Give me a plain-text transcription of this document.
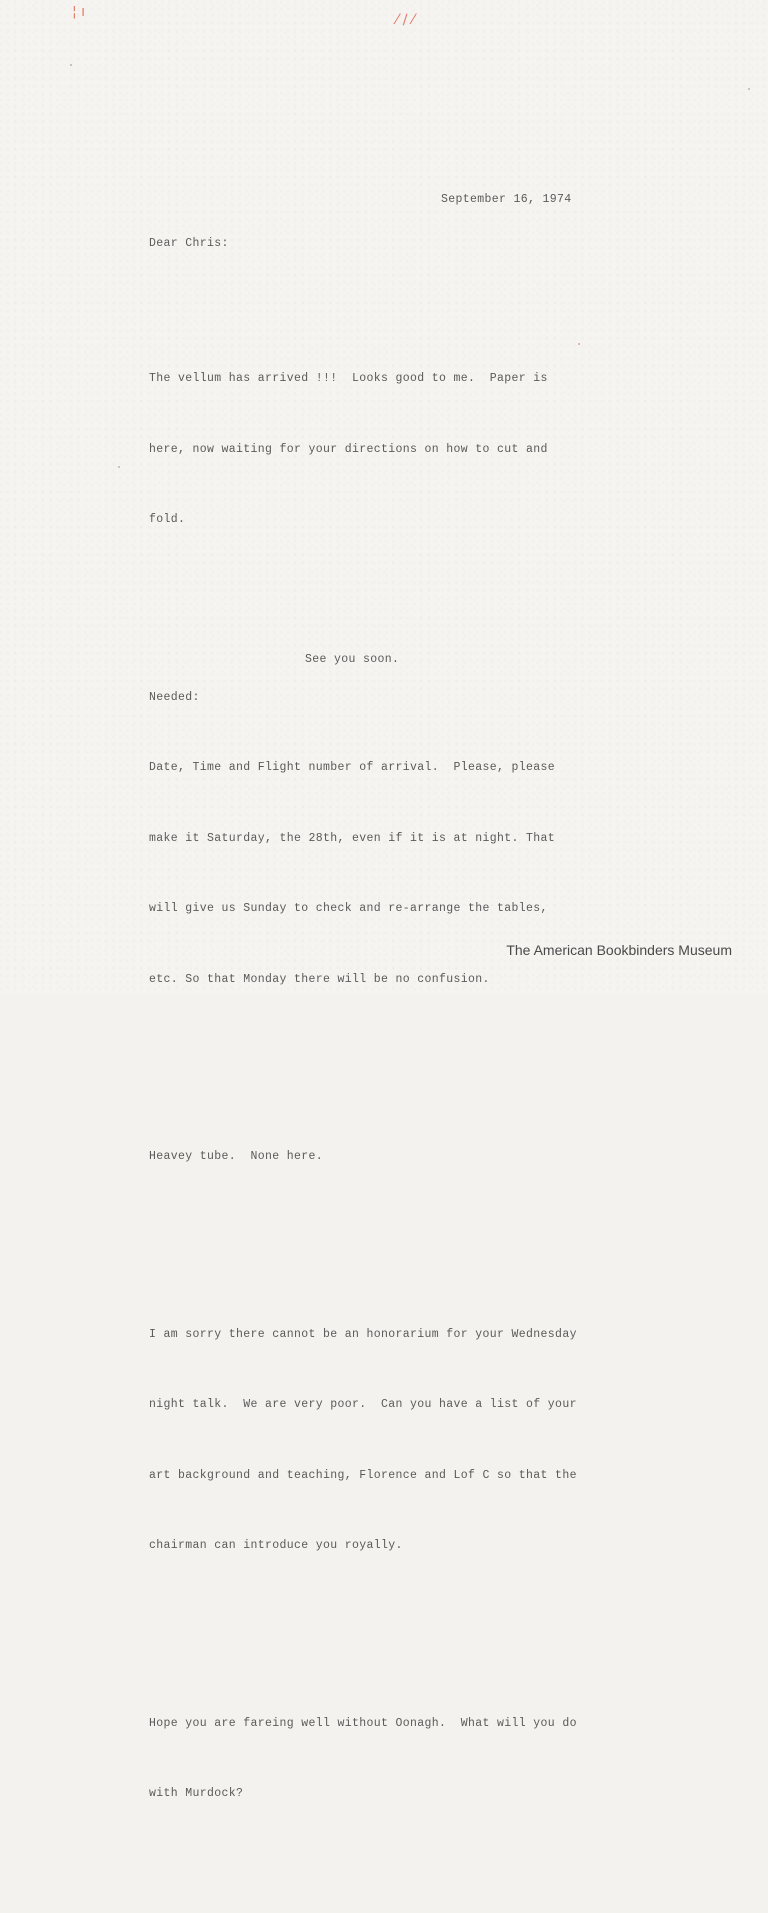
¦ ı	⁄ ∕ ⁄
September 16, 1974
Dear Chris:

The vellum has arrived !!!  Looks good to me.  Paper is

here, now waiting for your directions on how to cut and

fold.

Needed:

Date, Time and Flight number of arrival.  Please, please

make it Saturday, the 28th, even if it is at night. That

will give us Sunday to check and re-arrange the tables,

etc. So that Monday there will be no confusion.

Heavey tube.  None here.

I am sorry there cannot be an honorarium for your Wednesday

night talk.  We are very poor.  Can you have a list of your

art background and teaching, Florence and Lof C so that the

chairman can introduce you royally.

Hope you are fareing well without Oonagh.  What will you do

with Murdock?

See you soon.
The American Bookbinders Museum
